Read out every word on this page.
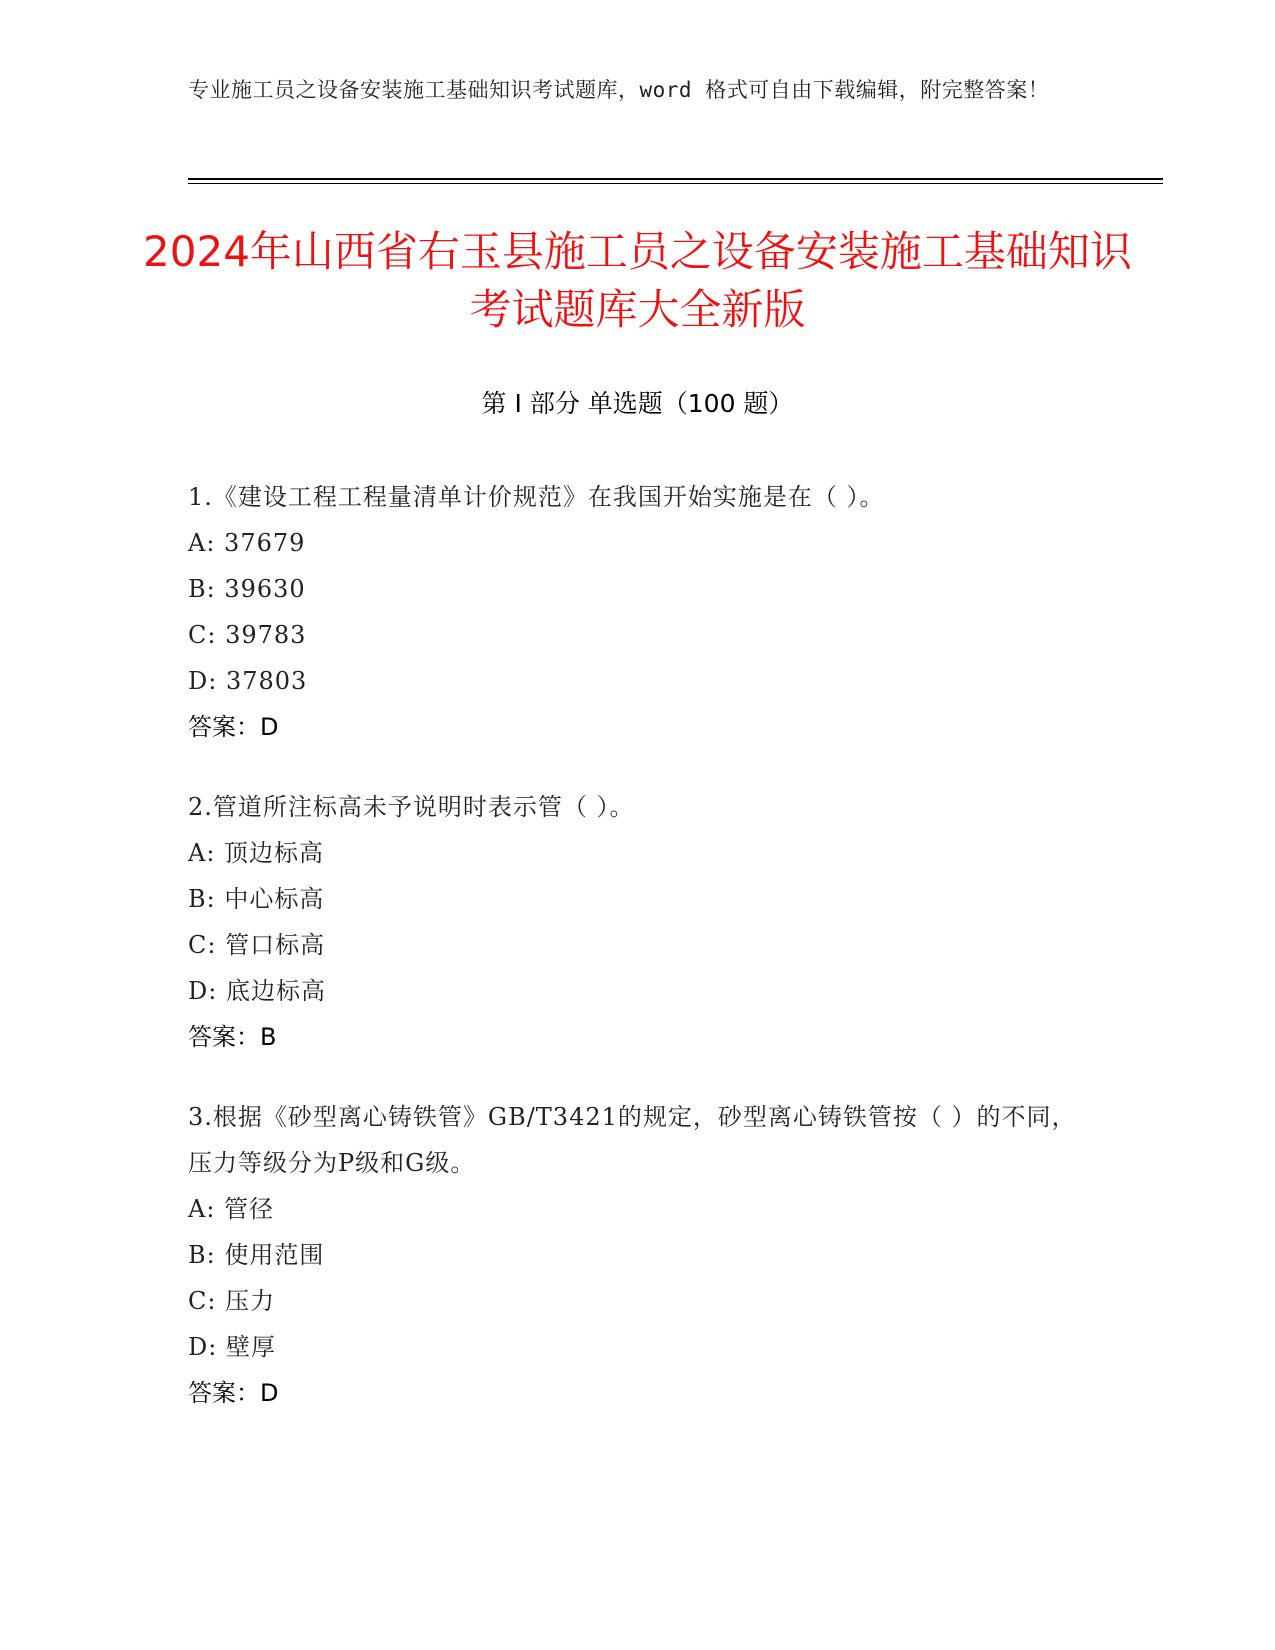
专业施工员之设备安装施工基础知识考试题库，word 格式可自由下载编辑，附完整答案！
2024年山西省右玉县施工员之设备安装施工基础知识考试题库大全新版
第 I 部分 单选题（100 题）
1.《建设工程工程量清单计价规范》在我国开始实施是在（ ）。
A: 37679
B: 39630
C: 39783
D: 37803
答案：D
2.管道所注标高未予说明时表示管（ ）。
A: 顶边标高
B: 中心标高
C: 管口标高
D: 底边标高
答案：B
3.根据《砂型离心铸铁管》GB/T3421的规定，砂型离心铸铁管按（ ）的不同，压力等级分为P级和G级。
A: 管径
B: 使用范围
C: 压力
D: 壁厚
答案：D
